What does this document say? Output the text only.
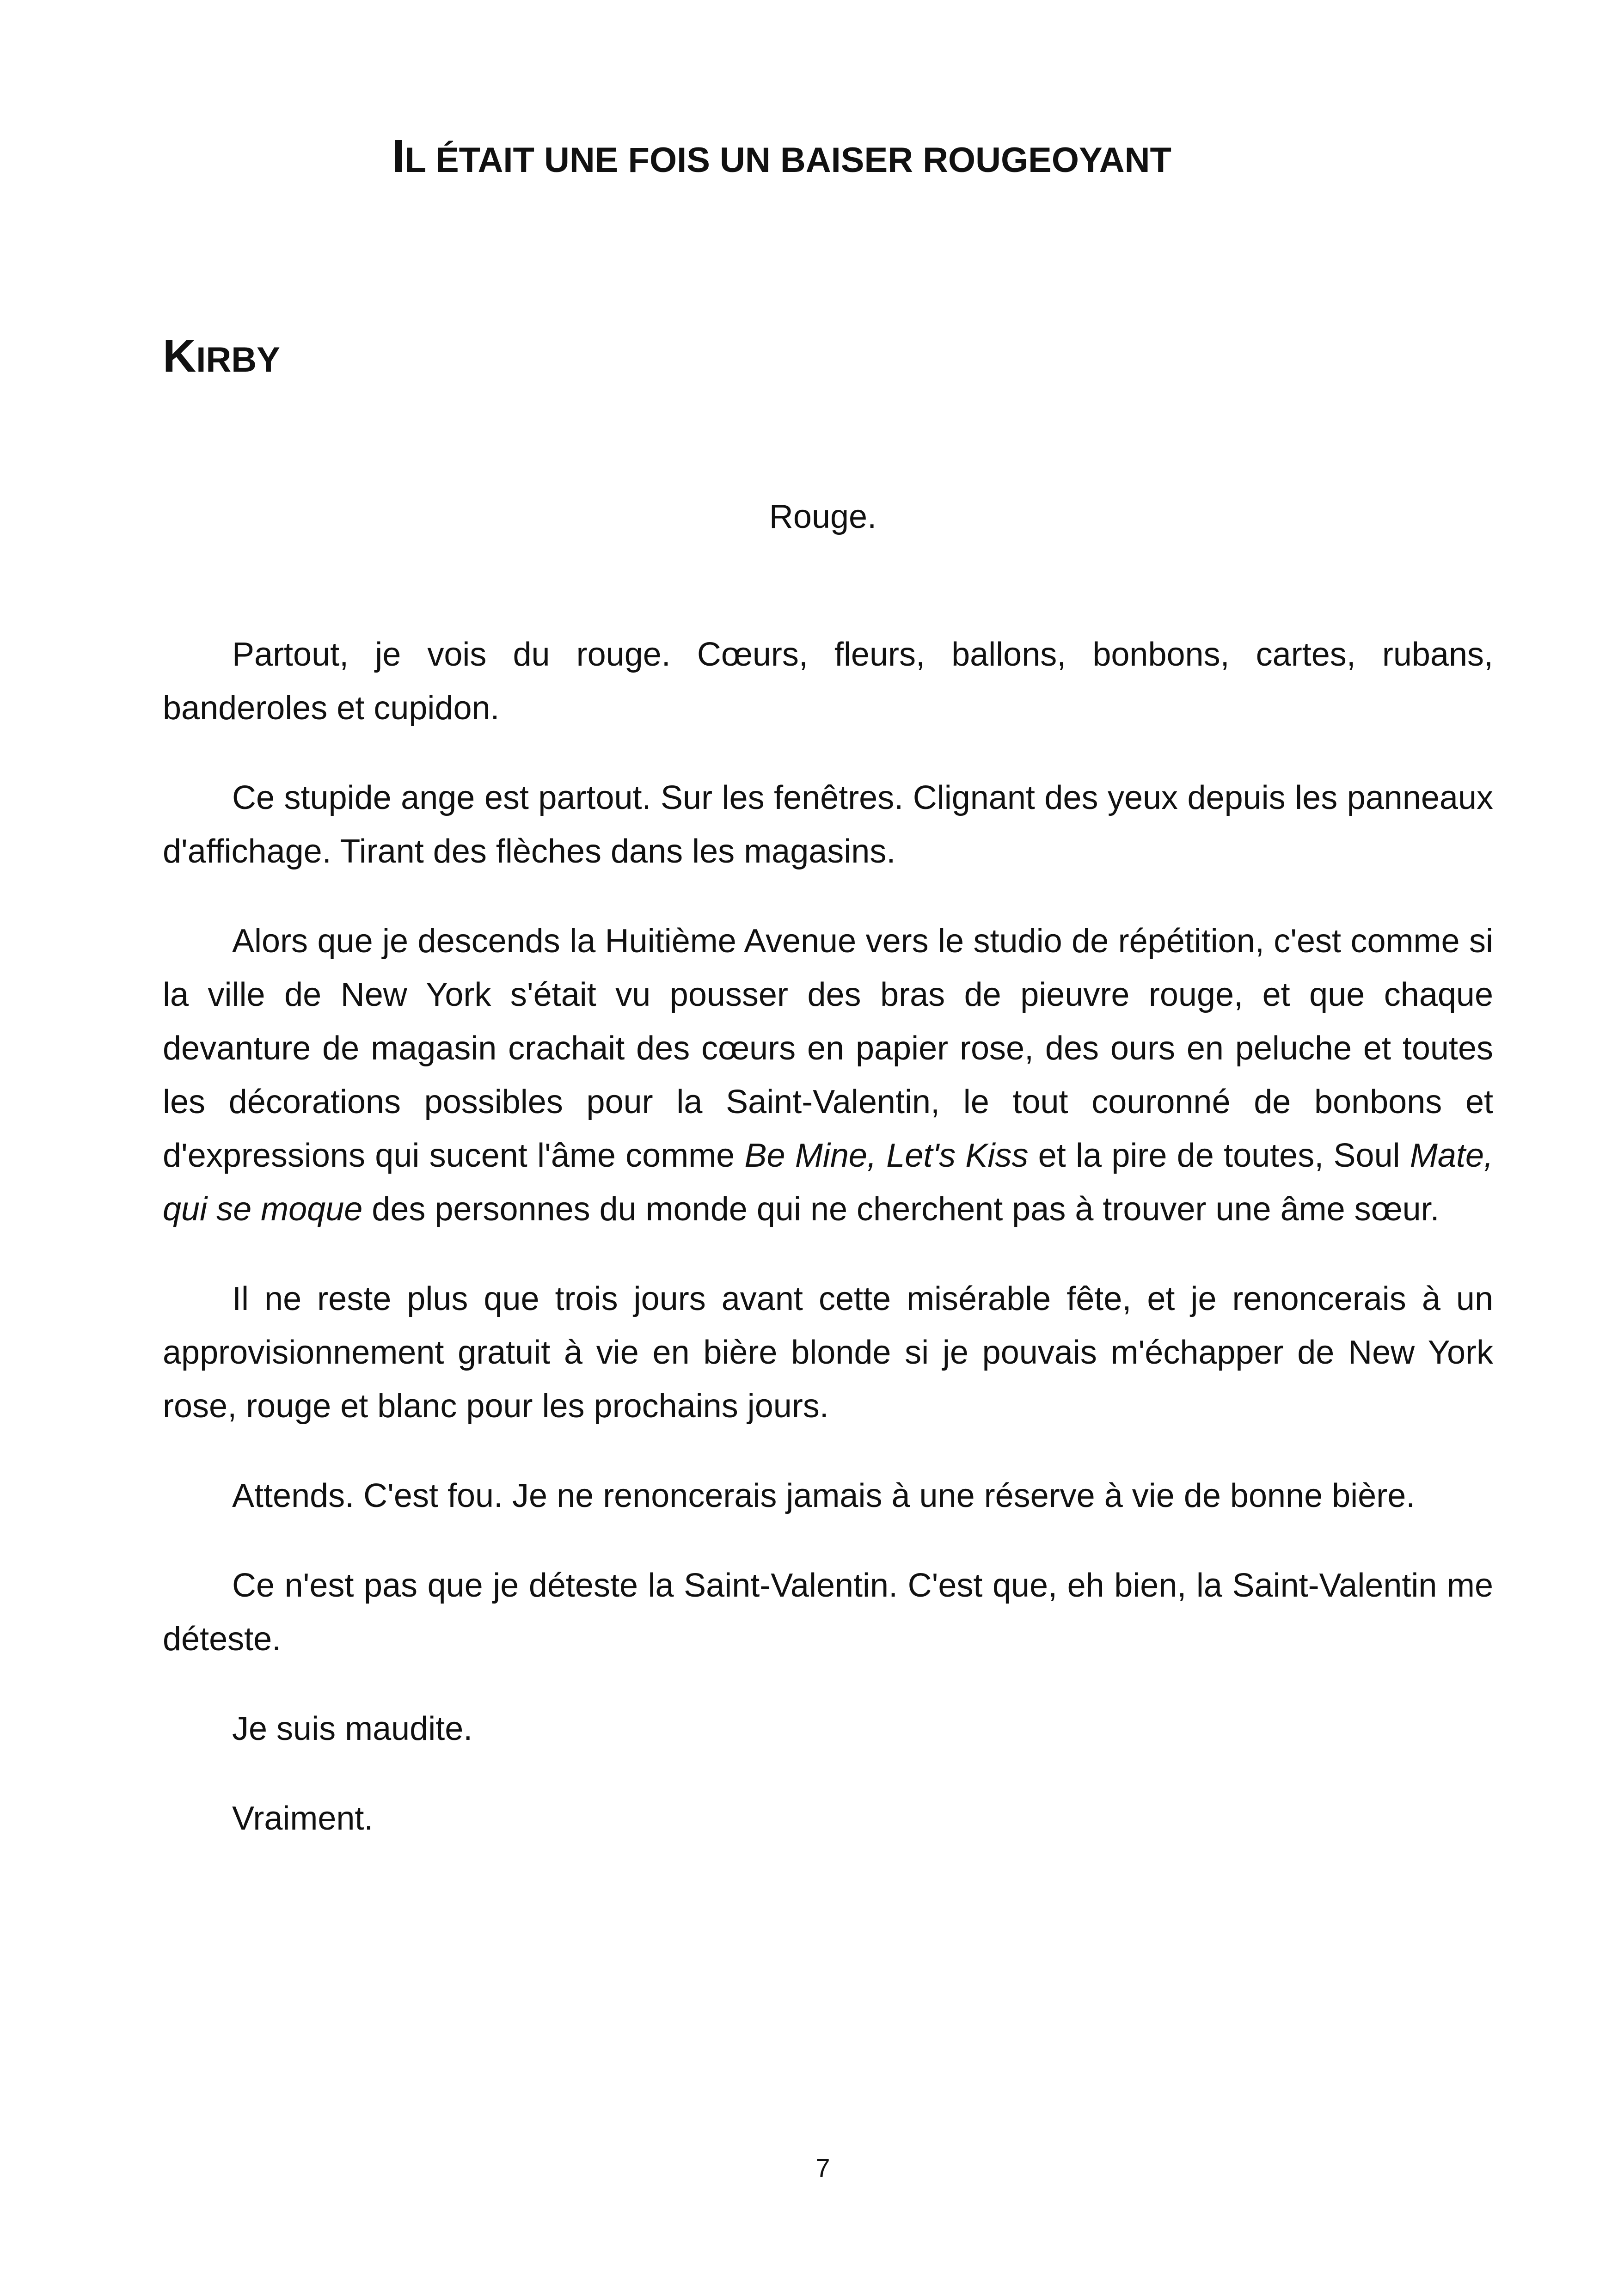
IL ÉTAIT UNE FOIS UN BAISER ROUGEOYANT
KIRBY

Rouge.

Partout, je vois du rouge. Cœurs, fleurs, ballons, bonbons, cartes, rubans, banderoles et cupidon.

Ce stupide ange est partout. Sur les fenêtres. Clignant des yeux depuis les panneaux d'affichage. Tirant des flèches dans les magasins.

Alors que je descends la Huitième Avenue vers le studio de répétition, c'est comme si la ville de New York s'était vu pousser des bras de pieuvre rouge, et que chaque devanture de magasin crachait des cœurs en papier rose, des ours en peluche et toutes les décorations possibles pour la Saint-Valentin, le tout couronné de bonbons et d'expressions qui sucent l'âme comme Be Mine, Let's Kiss et la pire de toutes, Soul Mate, qui se moque des personnes du monde qui ne cherchent pas à trouver une âme sœur.

Il ne reste plus que trois jours avant cette misérable fête, et je renoncerais à un approvisionnement gratuit à vie en bière blonde si je pouvais m'échapper de New York rose, rouge et blanc pour les prochains jours.

Attends. C'est fou. Je ne renoncerais jamais à une réserve à vie de bonne bière.

Ce n'est pas que je déteste la Saint-Valentin. C'est que, eh bien, la Saint-Valentin me déteste.

Je suis maudite.

Vraiment.

7
